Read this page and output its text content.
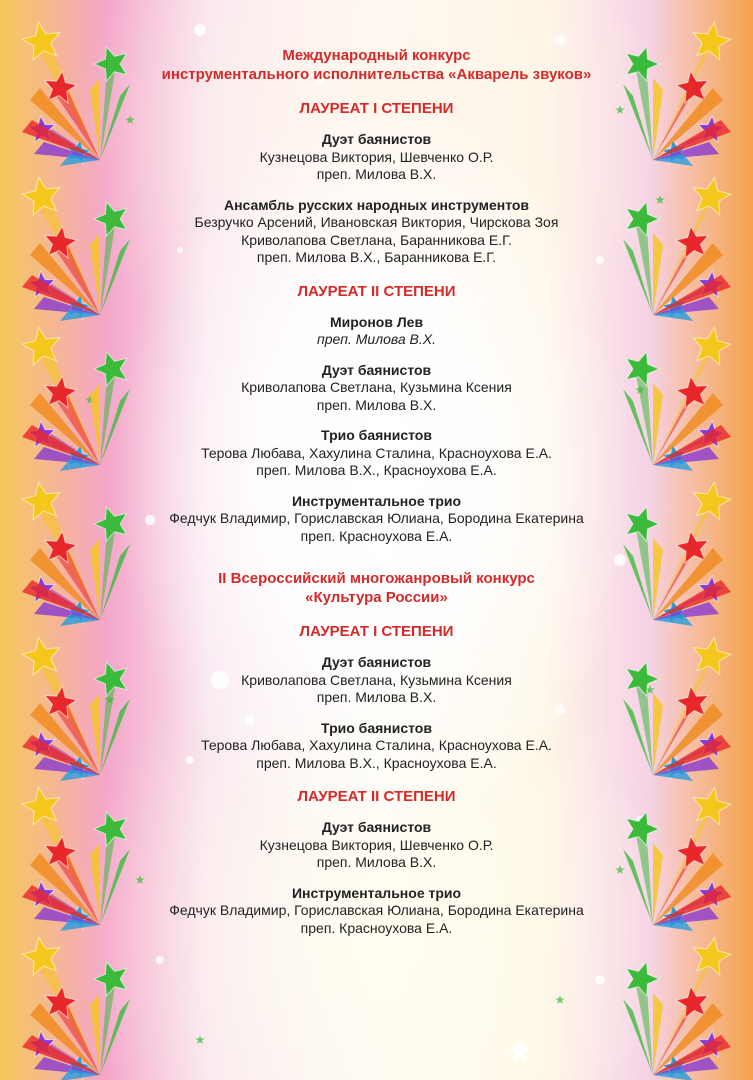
Международный конкурс
инструментального исполнительства «Акварель звуков»
ЛАУРЕАТ I СТЕПЕНИ
Дуэт баянистов
Кузнецова Виктория, Шевченко О.Р.
преп. Милова В.Х.
Ансамбль русских народных инструментов
Безручко Арсений, Ивановская Виктория, Чирскова Зоя
Криволапова Светлана, Баранникова Е.Г.
преп. Милова В.Х., Баранникова Е.Г.
ЛАУРЕАТ II СТЕПЕНИ
Миронов Лев
преп. Милова В.Х.
Дуэт баянистов
Криволапова Светлана, Кузьмина Ксения
преп. Милова В.Х.
Трио баянистов
Терова Любава, Хахулина Сталина, Красноухова Е.А.
преп. Милова В.Х., Красноухова Е.А.
Инструментальное трио
Федчук Владимир, Гориславская Юлиана, Бородина Екатерина
преп. Красноухова Е.А.
II Всероссийский многожанровый конкурс
«Культура России»
ЛАУРЕАТ I СТЕПЕНИ
Дуэт баянистов
Криволапова Светлана, Кузьмина Ксения
преп. Милова В.Х.
Трио баянистов
Терова Любава, Хахулина Сталина, Красноухова Е.А.
преп. Милова В.Х., Красноухова Е.А.
ЛАУРЕАТ II СТЕПЕНИ
Дуэт баянистов
Кузнецова Виктория, Шевченко О.Р.
преп. Милова В.Х.
Инструментальное трио
Федчук Владимир, Гориславская Юлиана, Бородина Екатерина
преп. Красноухова Е.А.
